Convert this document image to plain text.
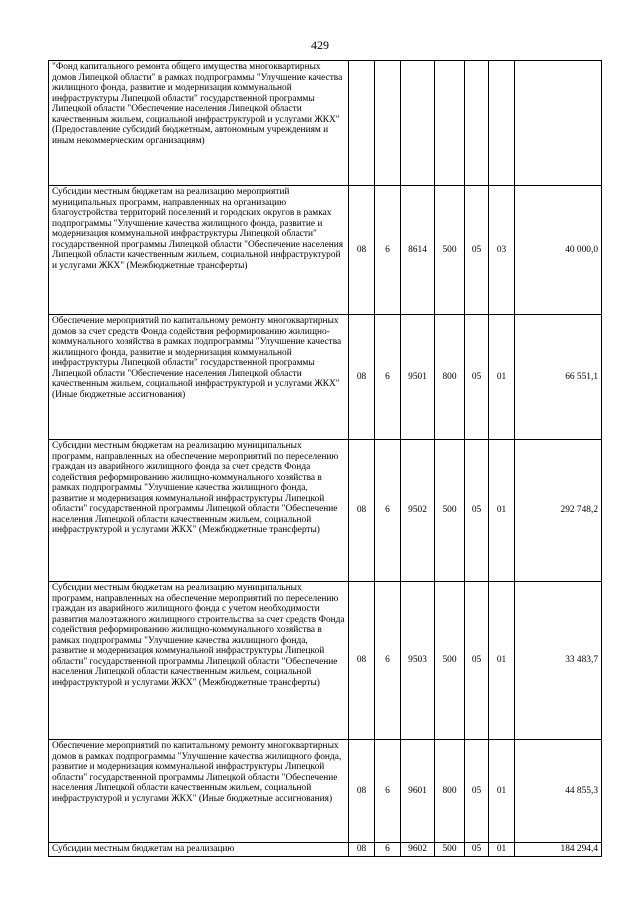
429
"Фонд капитального ремонта общего имущества многоквартирных домов Липецкой области" в рамках подпрограммы "Улучшение качества жилищного фонда, развитие и модернизация коммунальной инфраструктуры Липецкой области" государственной программы Липецкой области "Обеспечение населения Липецкой области качественным жильем, социальной инфраструктурой и услугами ЖКХ" (Предоставление субсидий бюджетным, автономным учреждениям и иным некоммерческим организациям)							
Субсидии местным бюджетам на реализацию мероприятий муниципальных программ, направленных на организацию благоустройства территорий поселений и городских округов в рамках подпрограммы "Улучшение качества жилищного фонда, развитие и модернизация коммунальной инфраструктуры Липецкой области" государственной программы Липецкой области "Обеспечение населения Липецкой области качественным жильем, социальной инфраструктурой и услугами ЖКХ" (Межбюджетные трансферты)	08	6	8614	500	05	03	40 000,0
Обеспечение мероприятий по капитальному ремонту многоквартирных домов за счет средств Фонда содействия реформированию жилищно-коммунального хозяйства в рамках подпрограммы "Улучшение качества жилищного фонда, развитие и модернизация коммунальной инфраструктуры Липецкой области" государственной программы Липецкой области "Обеспечение населения Липецкой области качественным жильем, социальной инфраструктурой и услугами ЖКХ" (Иные бюджетные ассигнования)	08	6	9501	800	05	01	66 551,1
Субсидии местным бюджетам на реализацию муниципальных программ, направленных на обеспечение мероприятий по переселению граждан из аварийного жилищного фонда за счет средств Фонда содействия реформированию жилищно-коммунального хозяйства в рамках подпрограммы "Улучшение качества жилищного фонда, развитие и модернизация коммунальной инфраструктуры Липецкой области" государственной программы Липецкой области "Обеспечение населения Липецкой области качественным жильем, социальной инфраструктурой и услугами ЖКХ" (Межбюджетные трансферты)	08	6	9502	500	05	01	292 748,2
Субсидии местным бюджетам на реализацию муниципальных программ, направленных на обеспечение мероприятий по переселению граждан из аварийного жилищного фонда с учетом необходимости развития малоэтажного жилищного строительства за счет средств Фонда содействия реформированию жилищно-коммунального хозяйства в рамках подпрограммы "Улучшение качества жилищного фонда, развитие и модернизация коммунальной инфраструктуры Липецкой области" государственной программы Липецкой области "Обеспечение населения Липецкой области качественным жильем, социальной инфраструктурой и услугами ЖКХ" (Межбюджетные трансферты)	08	6	9503	500	05	01	33 483,7
Обеспечение мероприятий по капитальному ремонту многоквартирных домов в рамках подпрограммы "Улучшение качества жилищного фонда, развитие и модернизация коммунальной инфраструктуры Липецкой области" государственной программы Липецкой области "Обеспечение населения Липецкой области качественным жильем, социальной инфраструктурой и услугами ЖКХ" (Иные бюджетные ассигнования)	08	6	9601	800	05	01	44 855,3
Субсидии местным бюджетам на реализацию	08	6	9602	500	05	01	184 294,4
